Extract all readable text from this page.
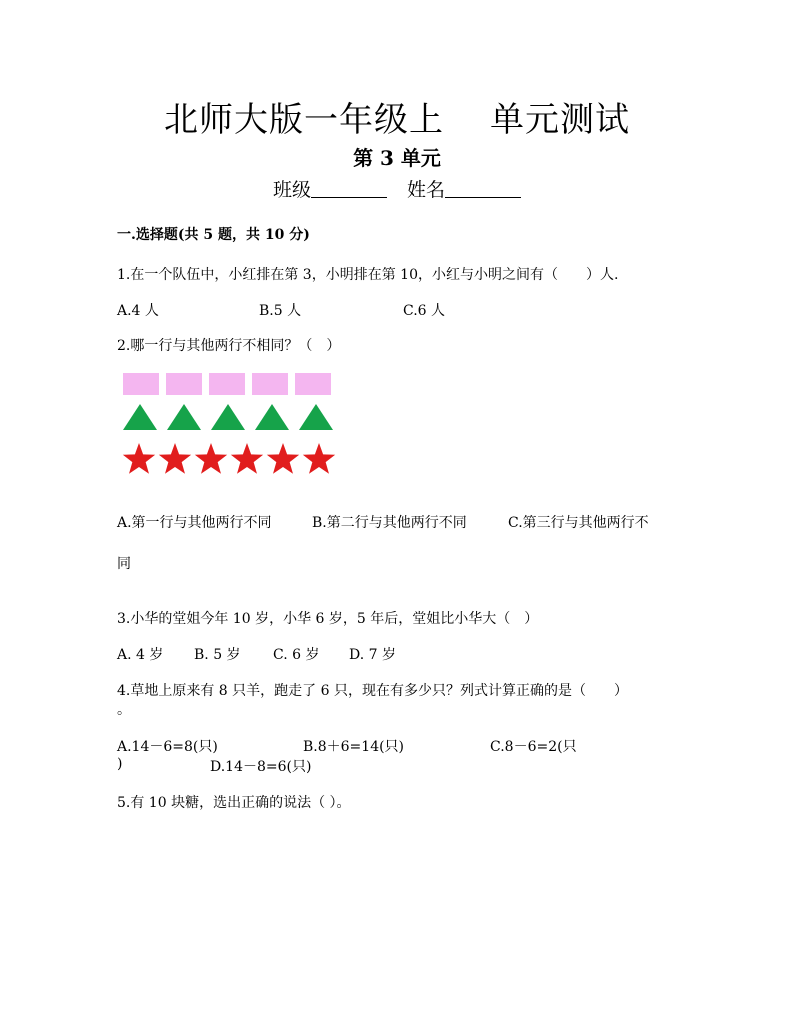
北师大版一年级上 单元测试
第 3 单元
班级	姓名
一.选择题(共 5 题，共 10 分)
1.在一个队伍中，小红排在第 3，小明排在第 10，小红与小明之间有（　　）人.
A.4 人	B.5 人	C.6 人
2.哪一行与其他两行不相同？（　）
A.第一行与其他两行不同	B.第二行与其他两行不同	C.第三行与其他两行不
同
3.小华的堂姐今年 10 岁，小华 6 岁，5 年后，堂姐比小华大（　）
A. 4 岁 B. 5 岁 C. 6 岁 D. 7 岁
4.草地上原来有 8 只羊，跑走了 6 只，现在有多少只？列式计算正确的是（　　）
。
A.14－6=8(只)	B.8＋6=14(只)	C.8－6=2(只
)	D.14－8=6(只)
5.有 10 块糖，选出正确的说法（ ）。
